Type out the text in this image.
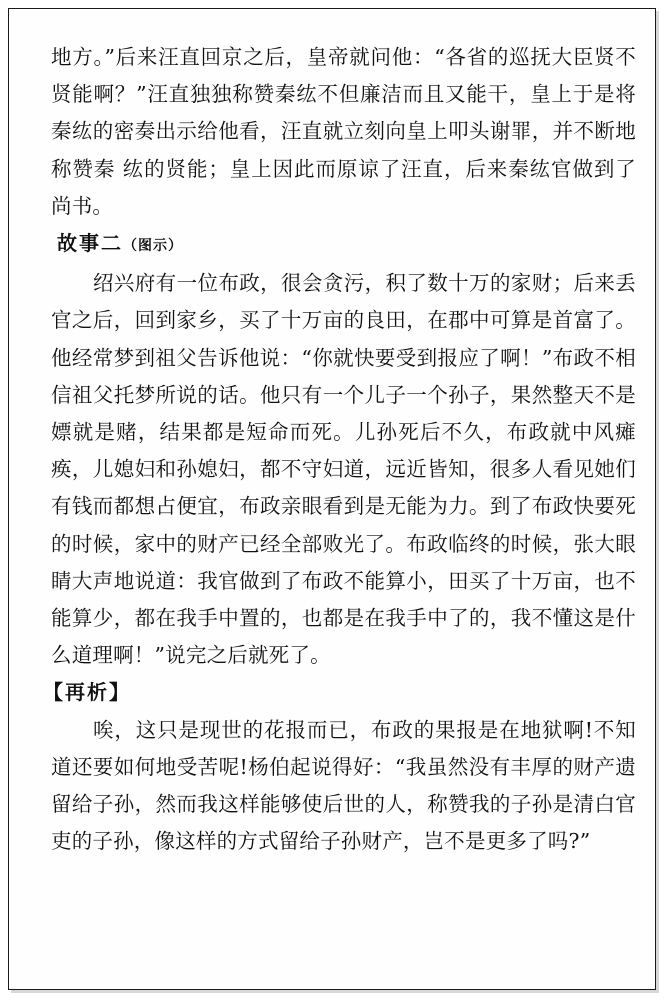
地方。”后来汪直回京之后，皇帝就问他：“各省的巡抚大臣贤不贤能啊？”汪直独独称赞秦纮不但廉洁而且又能干，皇上于是将秦纮的密奏出示给他看，汪直就立刻向皇上叩头谢罪，并不断地称赞秦 纮的贤能；皇上因此而原谅了汪直，后来秦纮官做到了尚书。

故事二（图示）

绍兴府有一位布政，很会贪污，积了数十万的家财；后来丢官之后，回到家乡，买了十万亩的良田，在郡中可算是首富了。他经常梦到祖父告诉他说：“你就快要受到报应了啊！”布政不相信祖父托梦所说的话。他只有一个儿子一个孙子，果然整天不是嫖就是赌，结果都是短命而死。儿孙死后不久，布政就中风瘫痪，儿媳妇和孙媳妇，都不守妇道，远近皆知，很多人看见她们有钱而都想占便宜，布政亲眼看到是无能为力。到了布政快要死的时候，家中的财产已经全部败光了。布政临终的时候，张大眼睛大声地说道：我官做到了布政不能算小，田买了十万亩，也不能算少，都在我手中置的，也都是在我手中了的，我不懂这是什么道理啊！”说完之后就死了。

【再析】

唉，这只是现世的花报而已，布政的果报是在地狱啊!不知道还要如何地受苦呢!杨伯起说得好：“我虽然没有丰厚的财产遗留给子孙，然而我这样能够使后世的人，称赞我的子孙是清白官吏的子孙，像这样的方式留给子孙财产，岂不是更多了吗?”
